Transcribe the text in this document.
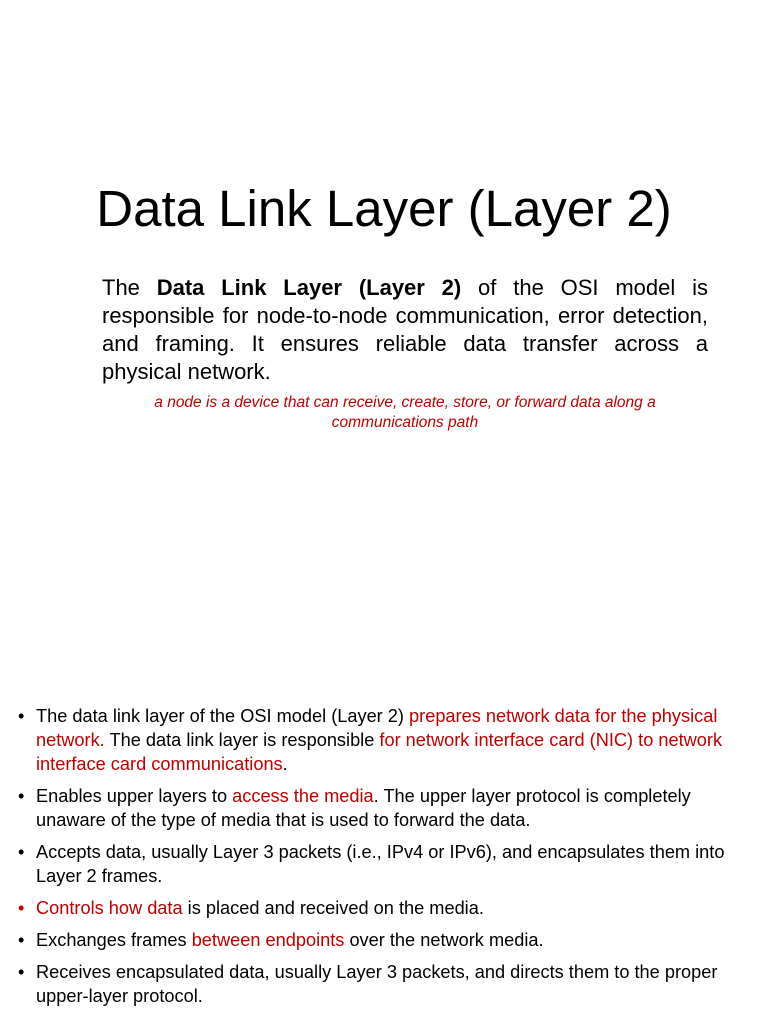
Data Link Layer (Layer 2)

The Data Link Layer (Layer 2) of the OSI model is responsible for node-to-node communication, error detection, and framing. It ensures reliable data transfer across a physical network.

a node is a device that can receive, create, store, or forward data along a communications path

• The data link layer of the OSI model (Layer 2) prepares network data for the physical network. The data link layer is responsible for network interface card (NIC) to network interface card communications.
• Enables upper layers to access the media. The upper layer protocol is completely unaware of the type of media that is used to forward the data.
• Accepts data, usually Layer 3 packets (i.e., IPv4 or IPv6), and encapsulates them into Layer 2 frames.
• Controls how data is placed and received on the media.
• Exchanges frames between endpoints over the network media.
• Receives encapsulated data, usually Layer 3 packets, and directs them to the proper upper-layer protocol.
